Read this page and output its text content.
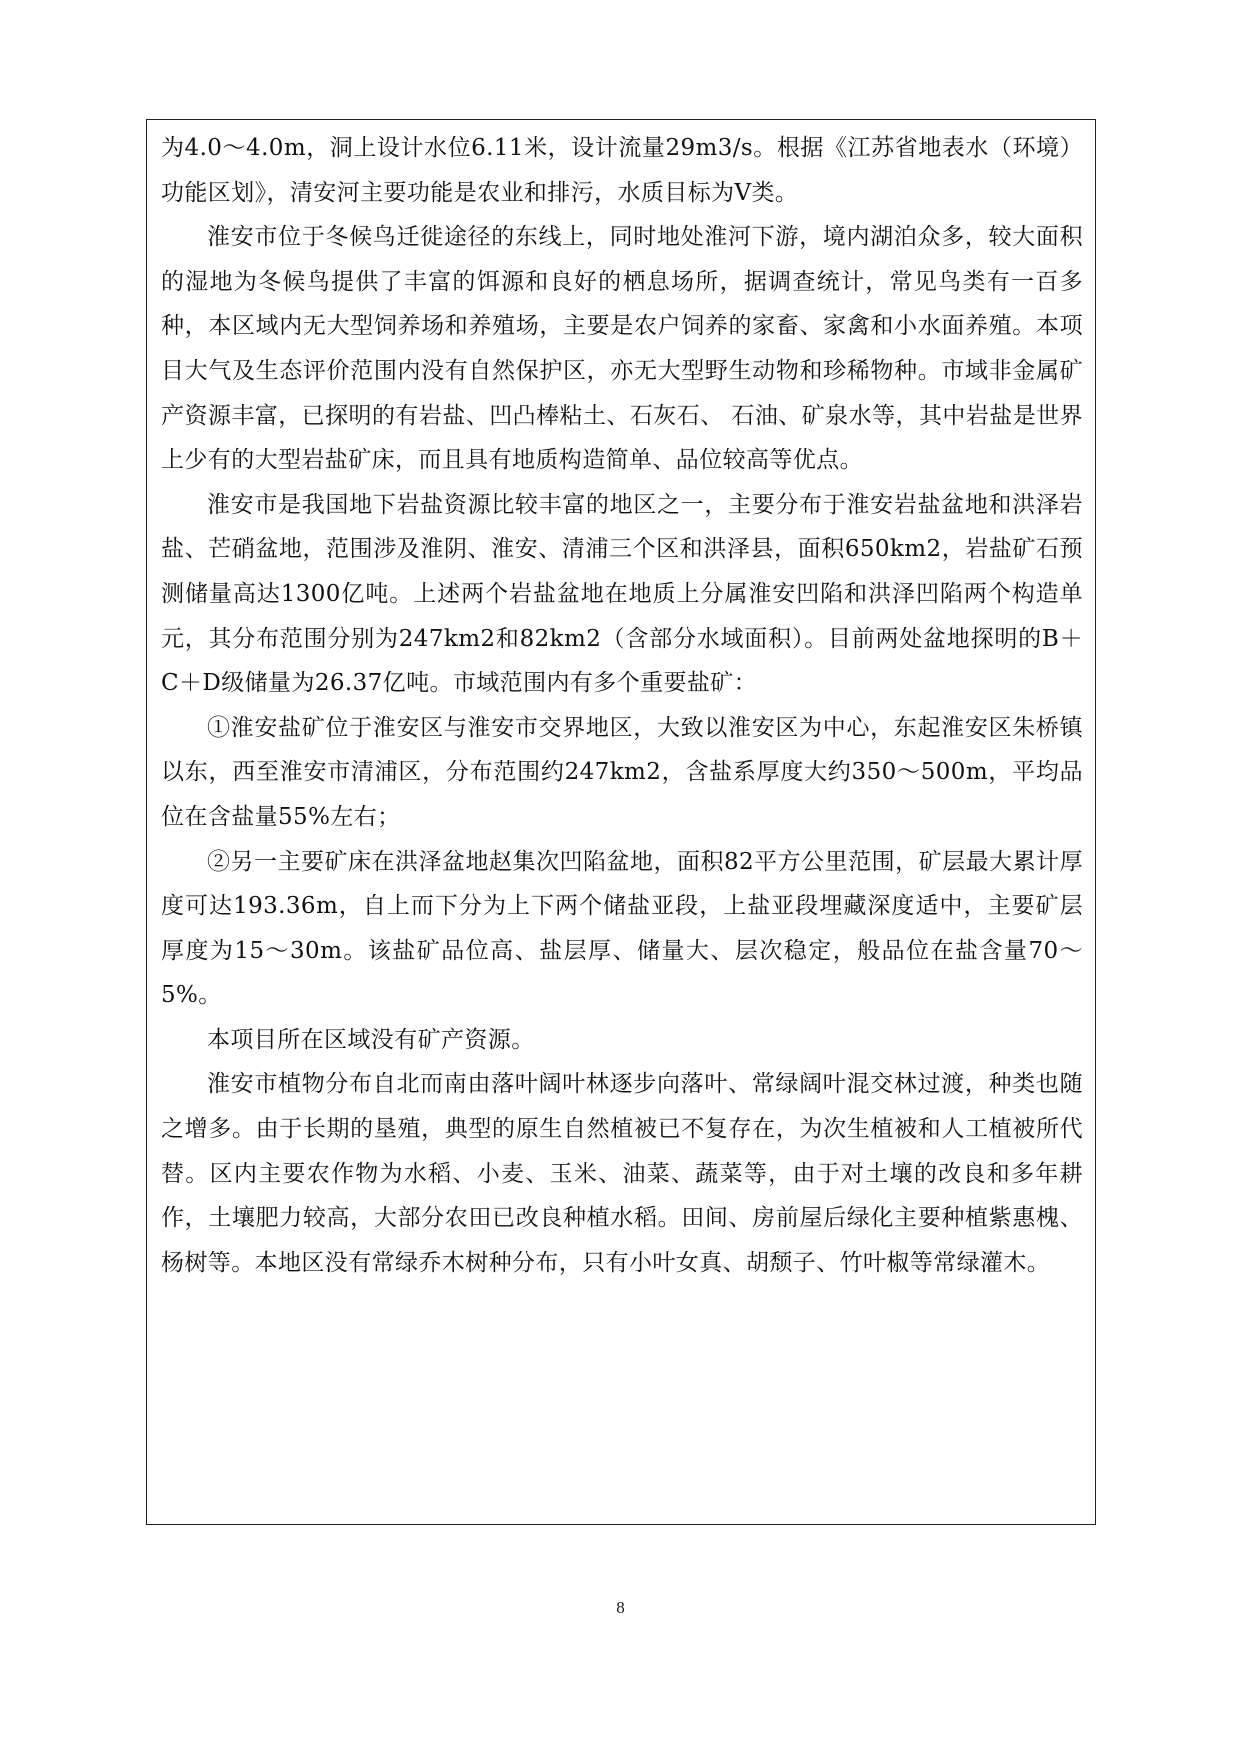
为4.0～4.0m，洞上设计水位6.11米，设计流量29m3/s。根据《江苏省地表水（环境）功能区划》，清安河主要功能是农业和排污，水质目标为Ⅴ类。

淮安市位于冬候鸟迁徙途径的东线上，同时地处淮河下游，境内湖泊众多，较大面积的湿地为冬候鸟提供了丰富的饵源和良好的栖息场所，据调查统计，常见鸟类有一百多种，本区域内无大型饲养场和养殖场，主要是农户饲养的家畜、家禽和小水面养殖。本项目大气及生态评价范围内没有自然保护区，亦无大型野生动物和珍稀物种。市域非金属矿产资源丰富，已探明的有岩盐、凹凸棒粘土、石灰石、 石油、矿泉水等，其中岩盐是世界上少有的大型岩盐矿床，而且具有地质构造简单、品位较高等优点。

淮安市是我国地下岩盐资源比较丰富的地区之一，主要分布于淮安岩盐盆地和洪泽岩盐、芒硝盆地，范围涉及淮阴、淮安、清浦三个区和洪泽县，面积650km2，岩盐矿石预测储量高达1300亿吨。上述两个岩盐盆地在地质上分属淮安凹陷和洪泽凹陷两个构造单元，其分布范围分别为247km2和82km2（含部分水域面积）。目前两处盆地探明的B＋C＋D级储量为26.37亿吨。市域范围内有多个重要盐矿：

①淮安盐矿位于淮安区与淮安市交界地区，大致以淮安区为中心，东起淮安区朱桥镇以东，西至淮安市清浦区，分布范围约247km2，含盐系厚度大约350～500m，平均品位在含盐量55%左右；

②另一主要矿床在洪泽盆地赵集次凹陷盆地，面积82平方公里范围，矿层最大累计厚度可达193.36m，自上而下分为上下两个储盐亚段，上盐亚段埋藏深度适中，主要矿层厚度为15～30m。该盐矿品位高、盐层厚、储量大、层次稳定，般品位在盐含量70～5%。

本项目所在区域没有矿产资源。

淮安市植物分布自北而南由落叶阔叶林逐步向落叶、常绿阔叶混交林过渡，种类也随之增多。由于长期的垦殖，典型的原生自然植被已不复存在，为次生植被和人工植被所代替。区内主要农作物为水稻、小麦、玉米、油菜、蔬菜等，由于对土壤的改良和多年耕作，土壤肥力较高，大部分农田已改良种植水稻。田间、房前屋后绿化主要种植紫惠槐、杨树等。本地区没有常绿乔木树种分布，只有小叶女真、胡颓子、竹叶椒等常绿灌木。

8
